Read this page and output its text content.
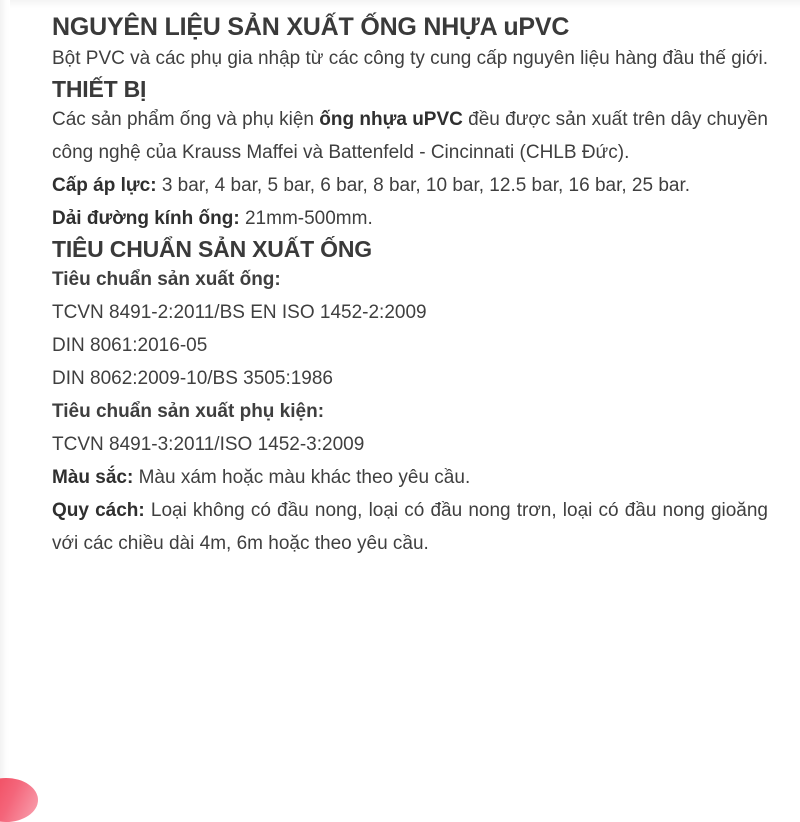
NGUYÊN LIỆU SẢN XUẤT ỐNG NHỰA uPVC

Bột PVC và các phụ gia nhập từ các công ty cung cấp nguyên liệu hàng đầu thế giới.

THIẾT BỊ

Các sản phẩm ống và phụ kiện ống nhựa uPVC đều được sản xuất trên dây chuyền công nghệ của Krauss Maffei và Battenfeld - Cincinnati (CHLB Đức).

Cấp áp lực: 3 bar, 4 bar, 5 bar, 6 bar, 8 bar, 10 bar, 12.5 bar, 16 bar, 25 bar.

Dải đường kính ống: 21mm-500mm.

TIÊU CHUẨN SẢN XUẤT ỐNG

Tiêu chuẩn sản xuất ống:

TCVN 8491-2:2011/BS EN ISO 1452-2:2009

DIN 8061:2016-05

DIN 8062:2009-10/BS 3505:1986

Tiêu chuẩn sản xuất phụ kiện:

TCVN 8491-3:2011/ISO 1452-3:2009

Màu sắc: Màu xám hoặc màu khác theo yêu cầu.

Quy cách: Loại không có đầu nong, loại có đầu nong trơn, loại có đầu nong gioăng với các chiều dài 4m, 6m hoặc theo yêu cầu.
